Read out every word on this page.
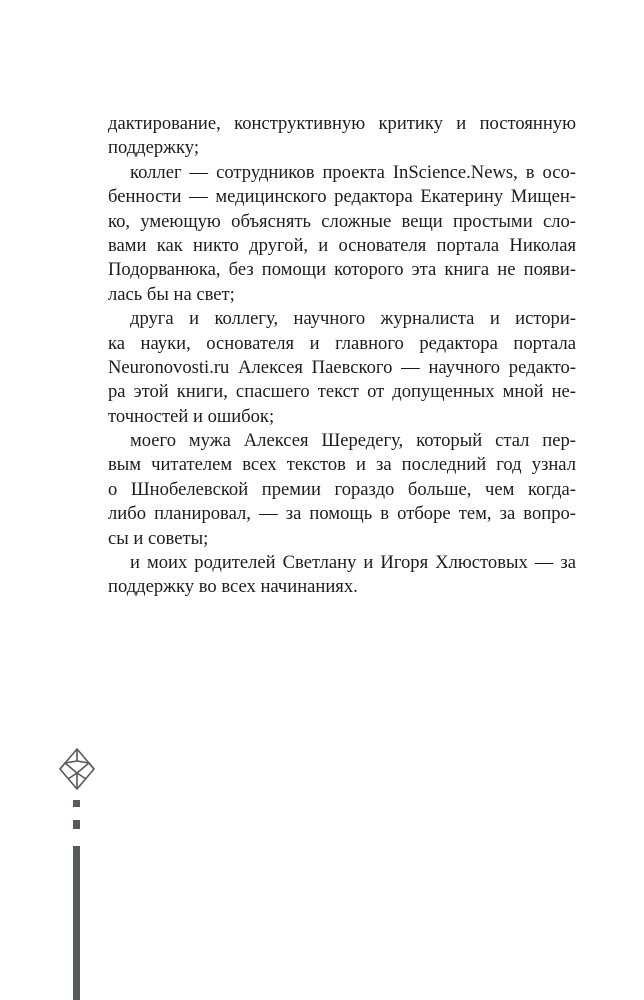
дактирование, конструктивную критику и постоянную
поддержку;
коллег — сотрудников проекта InScience.News, в осо-
бенности — медицинского редактора Екатерину Мищен-
ко, умеющую объяснять сложные вещи простыми сло-
вами как никто другой, и основателя портала Николая
Подорванюка, без помощи которого эта книга не появи-
лась бы на свет;
друга и коллегу, научного журналиста и истори-
ка науки, основателя и главного редактора портала
Neuronovosti.ru Алексея Паевского — научного редакто-
ра этой книги, спасшего текст от допущенных мной не-
точностей и ошибок;
моего мужа Алексея Шередегу, который стал пер-
вым читателем всех текстов и за последний год узнал
о Шнобелевской премии гораздо больше, чем когда-
либо планировал, — за помощь в отборе тем, за вопро-
сы и советы;
и моих родителей Светлану и Игоря Хлюстовых — за
поддержку во всех начинаниях.
